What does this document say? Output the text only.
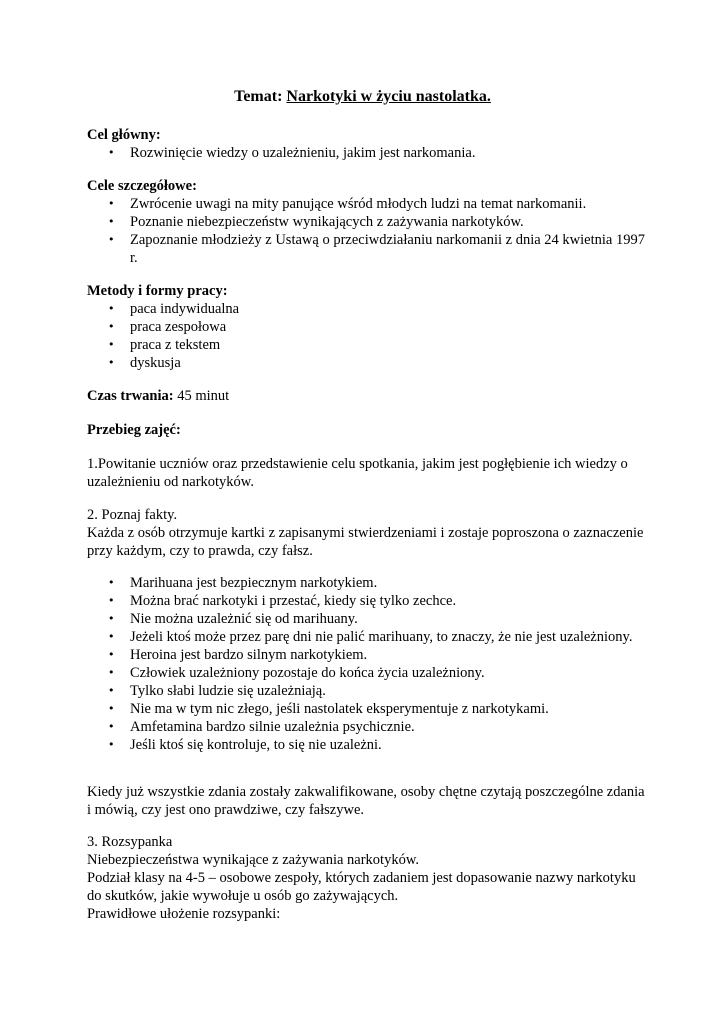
Temat: Narkotyki w życiu nastolatka.

Cel główny:

• Rozwinięcie wiedzy o uzależnieniu, jakim jest narkomania.

Cele szczegółowe:

• Zwrócenie uwagi na mity panujące wśród młodych ludzi na temat narkomanii.
• Poznanie niebezpieczeństw wynikających z zażywania narkotyków.
• Zapoznanie młodzieży z Ustawą o przeciwdziałaniu narkomanii z dnia 24 kwietnia 1997 r.

Metody i formy pracy:

• paca indywidualna
• praca zespołowa
• praca z tekstem
• dyskusja

Czas trwania: 45 minut

Przebieg zajęć:

1.Powitanie uczniów oraz przedstawienie celu spotkania, jakim jest pogłębienie ich wiedzy o uzależnieniu od narkotyków.

2. Poznaj fakty.

Każda z osób otrzymuje kartki z zapisanymi stwierdzeniami i zostaje poproszona o zaznaczenie przy każdym, czy to prawda, czy fałsz.

• Marihuana jest bezpiecznym narkotykiem.
• Można brać narkotyki i przestać, kiedy się tylko zechce.
• Nie można uzależnić się od marihuany.
• Jeżeli ktoś może przez parę dni nie palić marihuany, to znaczy, że nie jest uzależniony.
• Heroina jest bardzo silnym narkotykiem.
• Człowiek uzależniony pozostaje do końca życia uzależniony.
• Tylko słabi ludzie się uzależniają.
• Nie ma w tym nic złego, jeśli nastolatek eksperymentuje z narkotykami.
• Amfetamina bardzo silnie uzależnia psychicznie.
• Jeśli ktoś się kontroluje, to się nie uzależni.

Kiedy już wszystkie zdania zostały zakwalifikowane, osoby chętne czytają poszczególne zdania i mówią, czy jest ono prawdziwe, czy fałszywe.

3. Rozsypanka

Niebezpieczeństwa wynikające z zażywania narkotyków.

Podział klasy na 4-5 – osobowe zespoły, których zadaniem jest dopasowanie nazwy narkotyku do skutków, jakie wywołuje u osób go zażywających.

Prawidłowe ułożenie rozsypanki:
